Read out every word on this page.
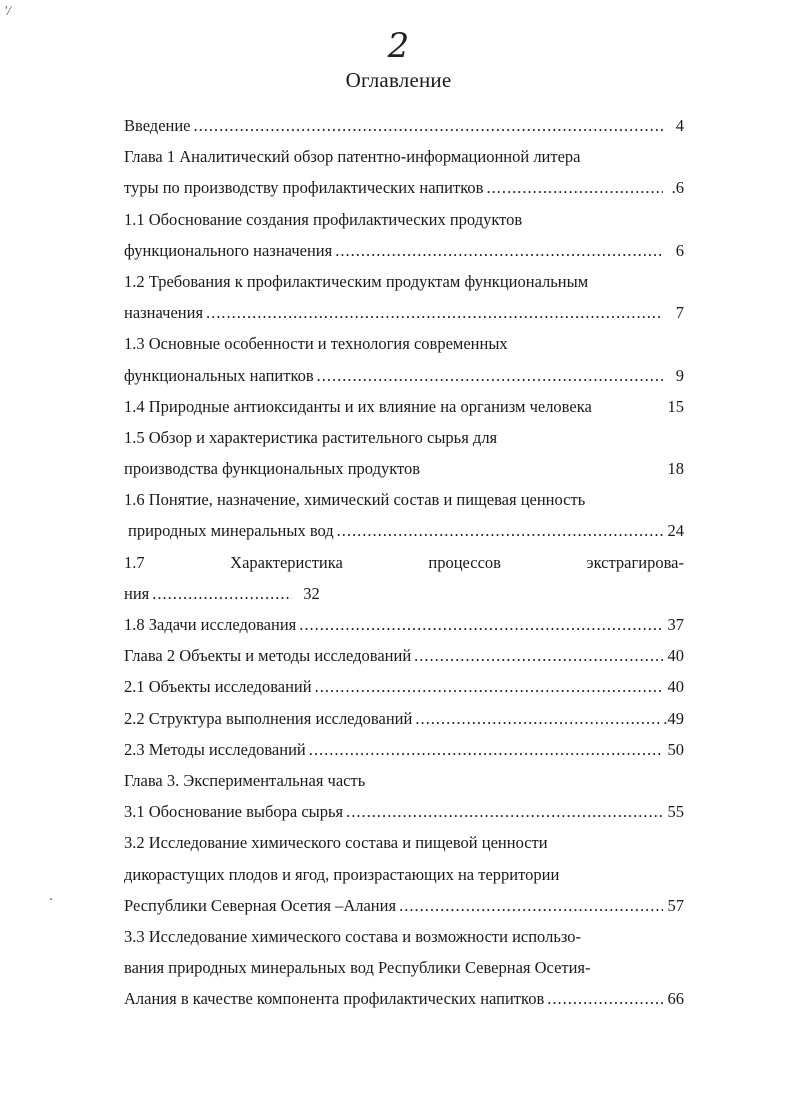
'/
2
Оглавление
Введение .....	4
Глава 1 Аналитический обзор патентно-информационной литера
туры по производству профилактических напитков .....	.6
1.1 Обоснование создания профилактических продуктов
функционального назначения .....	6
1.2 Требования к профилактическим продуктам функциональным
назначения .....	7
1.3 Основные особенности и технология современных
функциональных напитков .....	9
1.4 Природные антиоксиданты и их влияние на организм человека	15
1.5 Обзор и характеристика растительного сырья для
производства функциональных продуктов	18
1.6 Понятие, назначение, химический состав и пищевая ценность
природных минеральных вод .....	24
1.7	Характеристика	процессов	экстрагирова-
ния .....	32
1.8 Задачи исследования .....	37
Глава 2 Объекты и методы исследований .....	40
2.1 Объекты исследований .....	40
2.2 Структура выполнения исследований .....	.49
2.3 Методы исследований .....	50
Глава 3. Экспериментальная часть
3.1 Обоснование выбора сырья .....	55
3.2 Исследование химического состава и пищевой ценности
дикорастущих плодов и ягод, произрастающих на территории
Республики Северная Осетия –Алания .....	57
3.3 Исследование химического состава и возможности использо-
вания природных минеральных вод Республики Северная Осетия-
Алания в качестве компонента профилактических напитков .....	66
